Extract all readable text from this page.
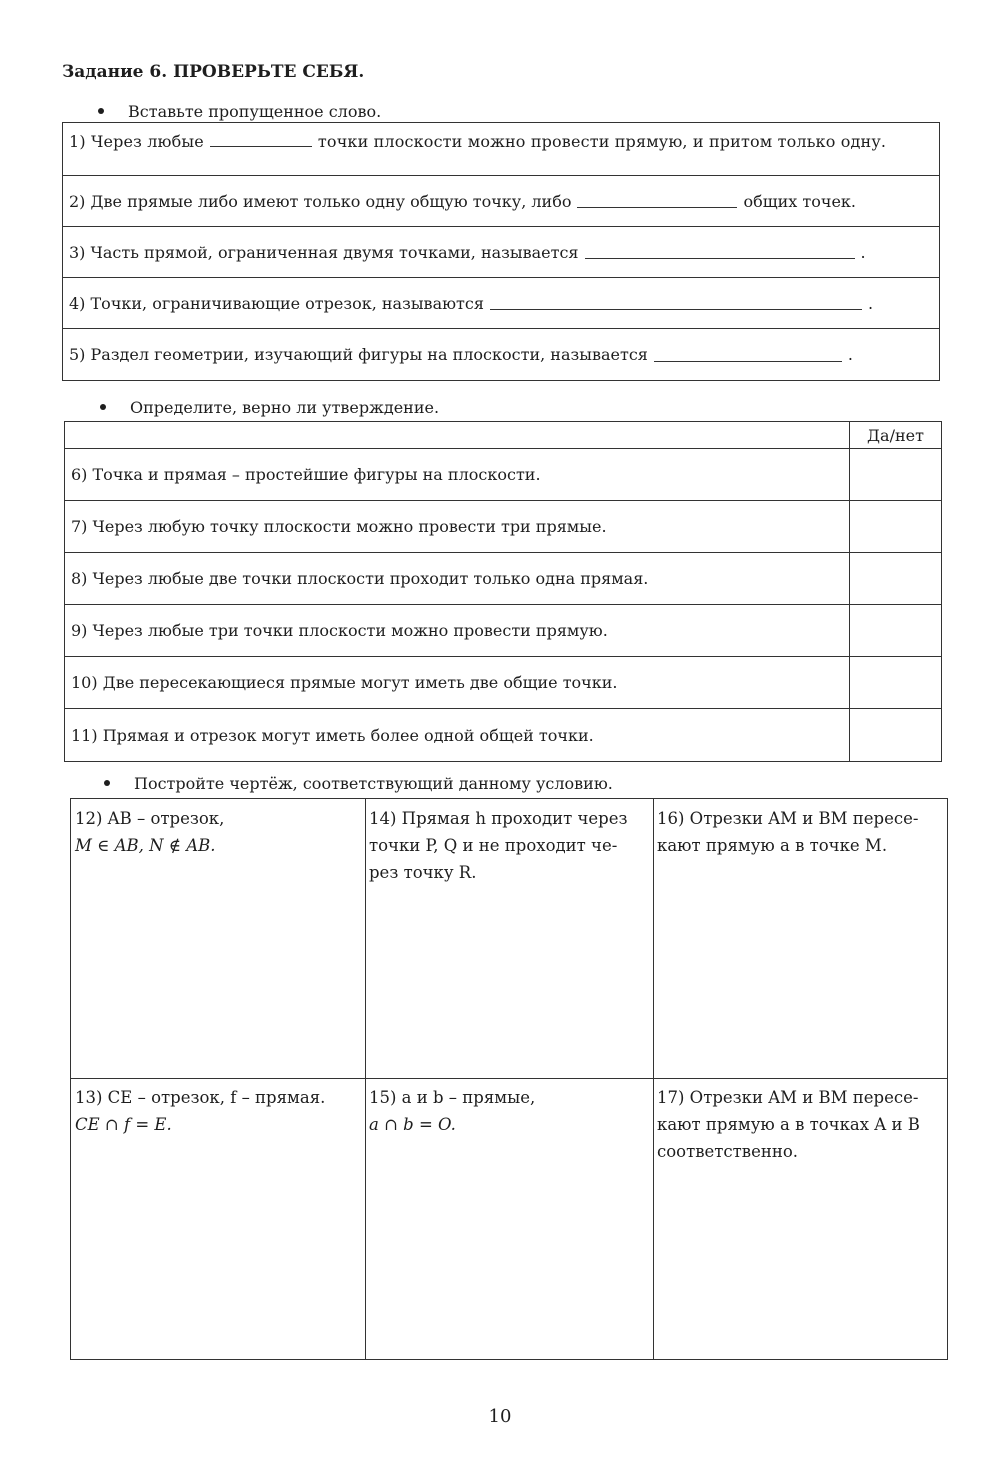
Задание 6. ПРОВЕРЬТЕ СЕБЯ.
Вставьте пропущенное слово.
1) Через любые	точки плоскости можно провести прямую, и притом только одну.
2) Две прямые либо имеют только одну общую точку, либо	общих точек.
3) Часть прямой, ограниченная двумя точками, называется	.
4) Точки, ограничивающие отрезок, называются	.
5) Раздел геометрии, изучающий фигуры на плоскости, называется	.
Определите, верно ли утверждение.
Да/нет
6) Точка и прямая – простейшие фигуры на плоскости.
7) Через любую точку плоскости можно провести три прямые.
8) Через любые две точки плоскости проходит только одна прямая.
9) Через любые три точки плоскости можно провести прямую.
10) Две пересекающиеся прямые могут иметь две общие точки.
11) Прямая и отрезок могут иметь более одной общей точки.
Постройте чертёж, соответствующий данному условию.
12) AB – отрезок,
M ∈ AB, N ∉ AB.
14) Прямая h проходит через
точки P, Q и не проходит че-
рез точку R.
16) Отрезки AM и BM пересе-
кают прямую a в точке M.
13) CE – отрезок, f – прямая.
CE ∩ f = E.
15) a и b – прямые,
a ∩ b = O.
17) Отрезки AM и BM пересе-
кают прямую a в точках A и B
соответственно.
10
